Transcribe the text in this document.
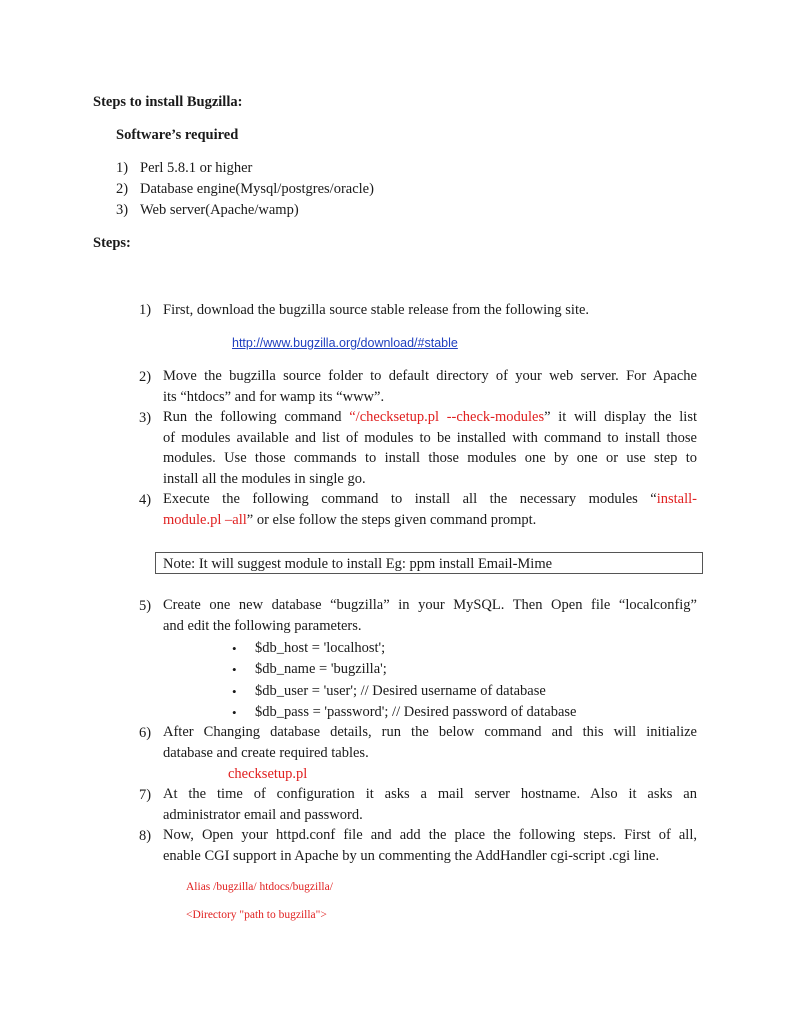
Steps to install Bugzilla:
Software’s required
1) Perl 5.8.1 or higher
2) Database engine(Mysql/postgres/oracle)
3) Web server(Apache/wamp)
Steps:
1) First, download the bugzilla source stable release from the following site.
http://www.bugzilla.org/download/#stable
2) Move the bugzilla source folder to default directory of your web server. For Apache
its “htdocs” and for wamp its “www”.
3) Run the following command “/checksetup.pl --check-modules” it will display the list
of modules available and list of modules to be installed with command to install those
modules. Use those commands to install those modules one by one or use step to
install all the modules in single go.
4) Execute the following command to install all the necessary modules “install-
module.pl –all” or else follow the steps given command prompt.
Note: It will suggest module to install Eg: ppm install Email-Mime
5) Create one new database “bugzilla” in your MySQL. Then Open file “localconfig”
and edit the following parameters.
• $db_host = 'localhost';
• $db_name = 'bugzilla';
• $db_user = 'user'; // Desired username of database
• $db_pass = 'password'; // Desired password of database
6) After Changing database details, run the below command and this will initialize
database and create required tables.
checksetup.pl
7) At the time of configuration it asks a mail server hostname. Also it asks an
administrator email and password.
8) Now, Open your httpd.conf file and add the place the following steps. First of all,
enable CGI support in Apache by un commenting the AddHandler cgi-script .cgi line.
Alias /bugzilla/ htdocs/bugzilla/
<Directory "path to bugzilla">
